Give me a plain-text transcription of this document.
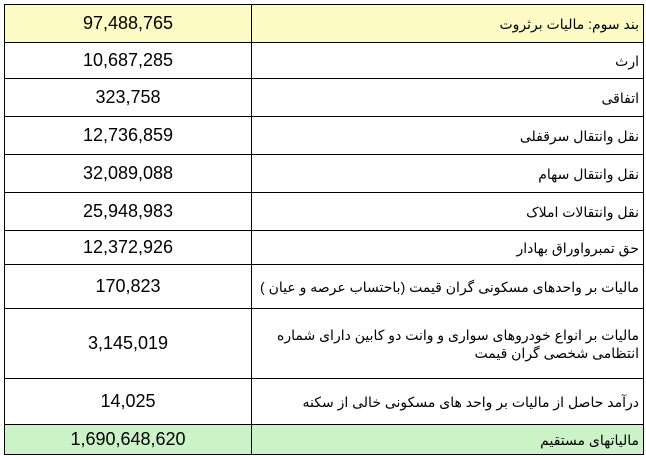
97,488,765	بند سوم: مالیات برثروت
10,687,285	ارث
323,758	اتفاقی
12,736,859	نقل وانتقال سرقفلی
32,089,088	نقل وانتقال سهام
25,948,983	نقل وانتقالات املاک
12,372,926	حق تمبرواوراق بهادار
170,823	مالیات بر واحدهای مسکونی گران قیمت (باحتساب عرصه و عیان )
3,145,019	مالیات بر انواع خودروهای سواری و وانت دو کابین دارای شماره انتظامی شخصی گران قیمت
14,025	درآمد حاصل از مالیات بر واحد های مسکونی خالی از سکنه
1,690,648,620	مالیاتهای مستقیم
